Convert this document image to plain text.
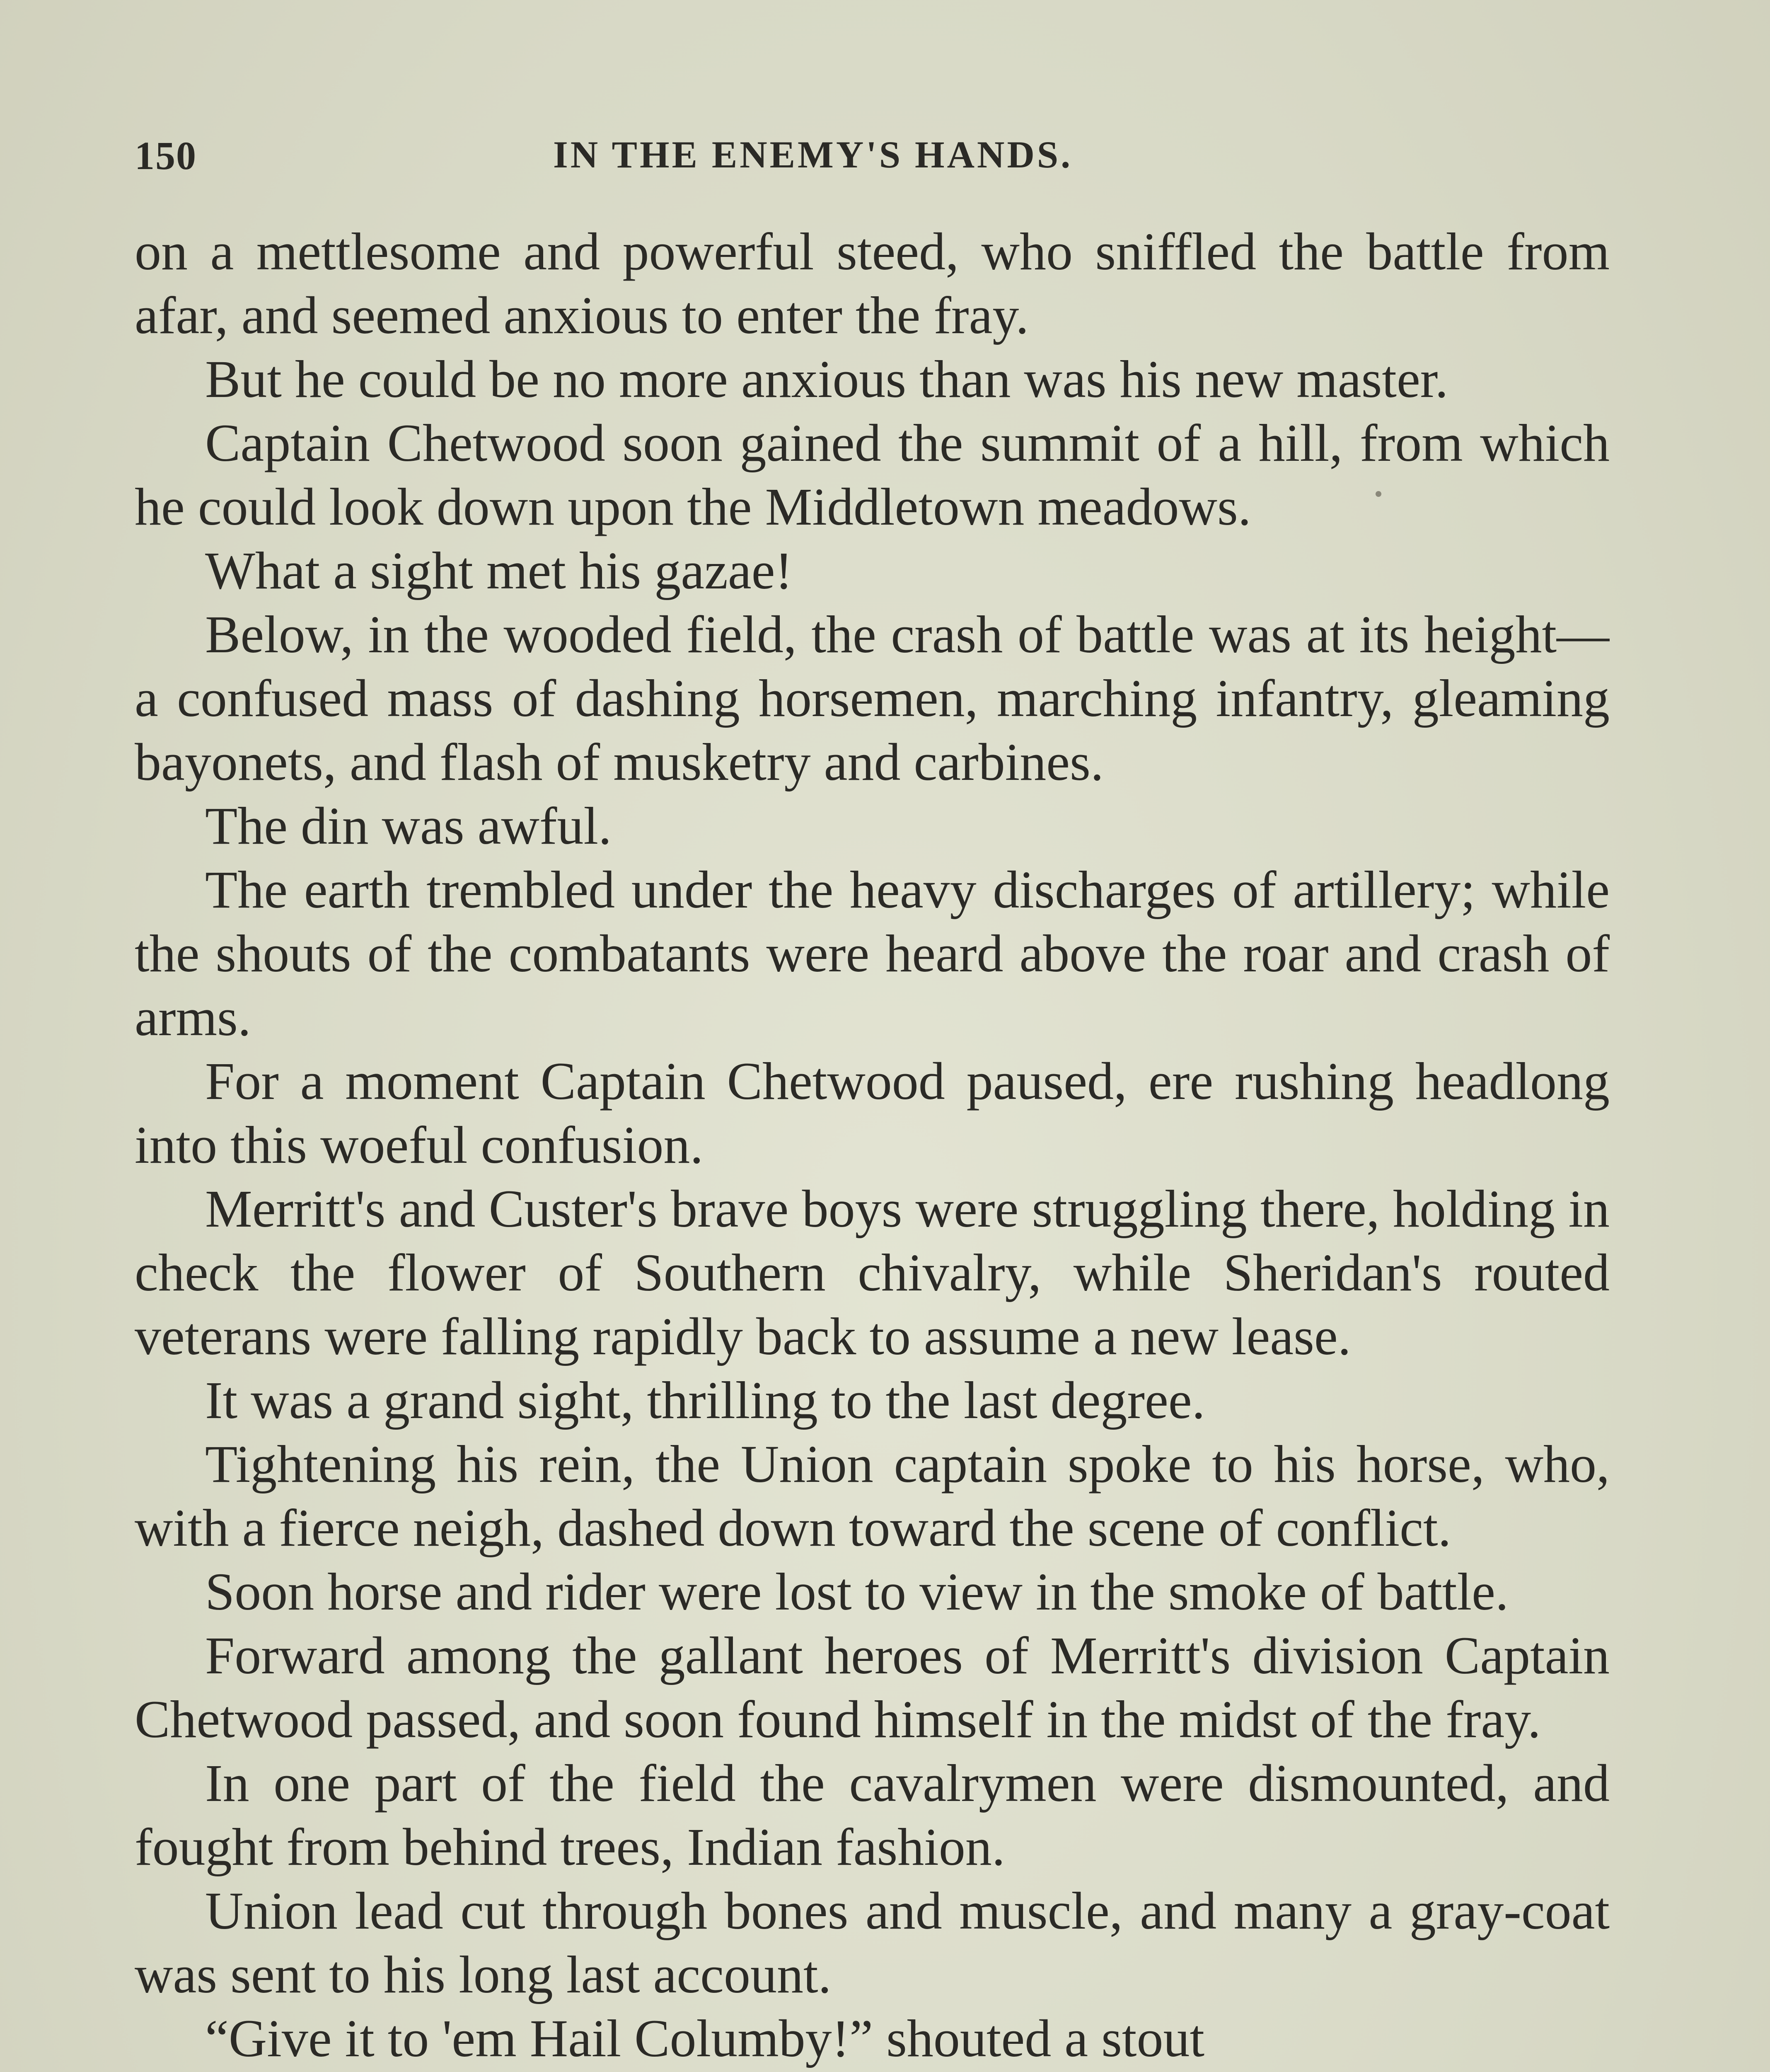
150	IN THE ENEMY'S HANDS.

on a mettlesome and powerful steed, who sniffled the battle from afar, and seemed anxious to enter the fray.

But he could be no more anxious than was his new master.

Captain Chetwood soon gained the summit of a hill, from which he could look down upon the Middletown meadows.

What a sight met his gazae!

Below, in the wooded field, the crash of battle was at its height—a confused mass of dashing horsemen, marching infantry, gleaming bayonets, and flash of musketry and carbines.

The din was awful.

The earth trembled under the heavy discharges of artillery; while the shouts of the combatants were heard above the roar and crash of arms.

For a moment Captain Chetwood paused, ere rushing headlong into this woeful confusion.

Merritt's and Custer's brave boys were struggling there, holding in check the flower of Southern chivalry, while Sheridan's routed veterans were falling rapidly back to assume a new lease.

It was a grand sight, thrilling to the last degree.

Tightening his rein, the Union captain spoke to his horse, who, with a fierce neigh, dashed down toward the scene of conflict.

Soon horse and rider were lost to view in the smoke of battle.

Forward among the gallant heroes of Merritt's division Captain Chetwood passed, and soon found himself in the midst of the fray.

In one part of the field the cavalrymen were dismounted, and fought from behind trees, Indian fashion.

Union lead cut through bones and muscle, and many a gray-coat was sent to his long last account.

“Give it to 'em Hail Columby!” shouted a stout
